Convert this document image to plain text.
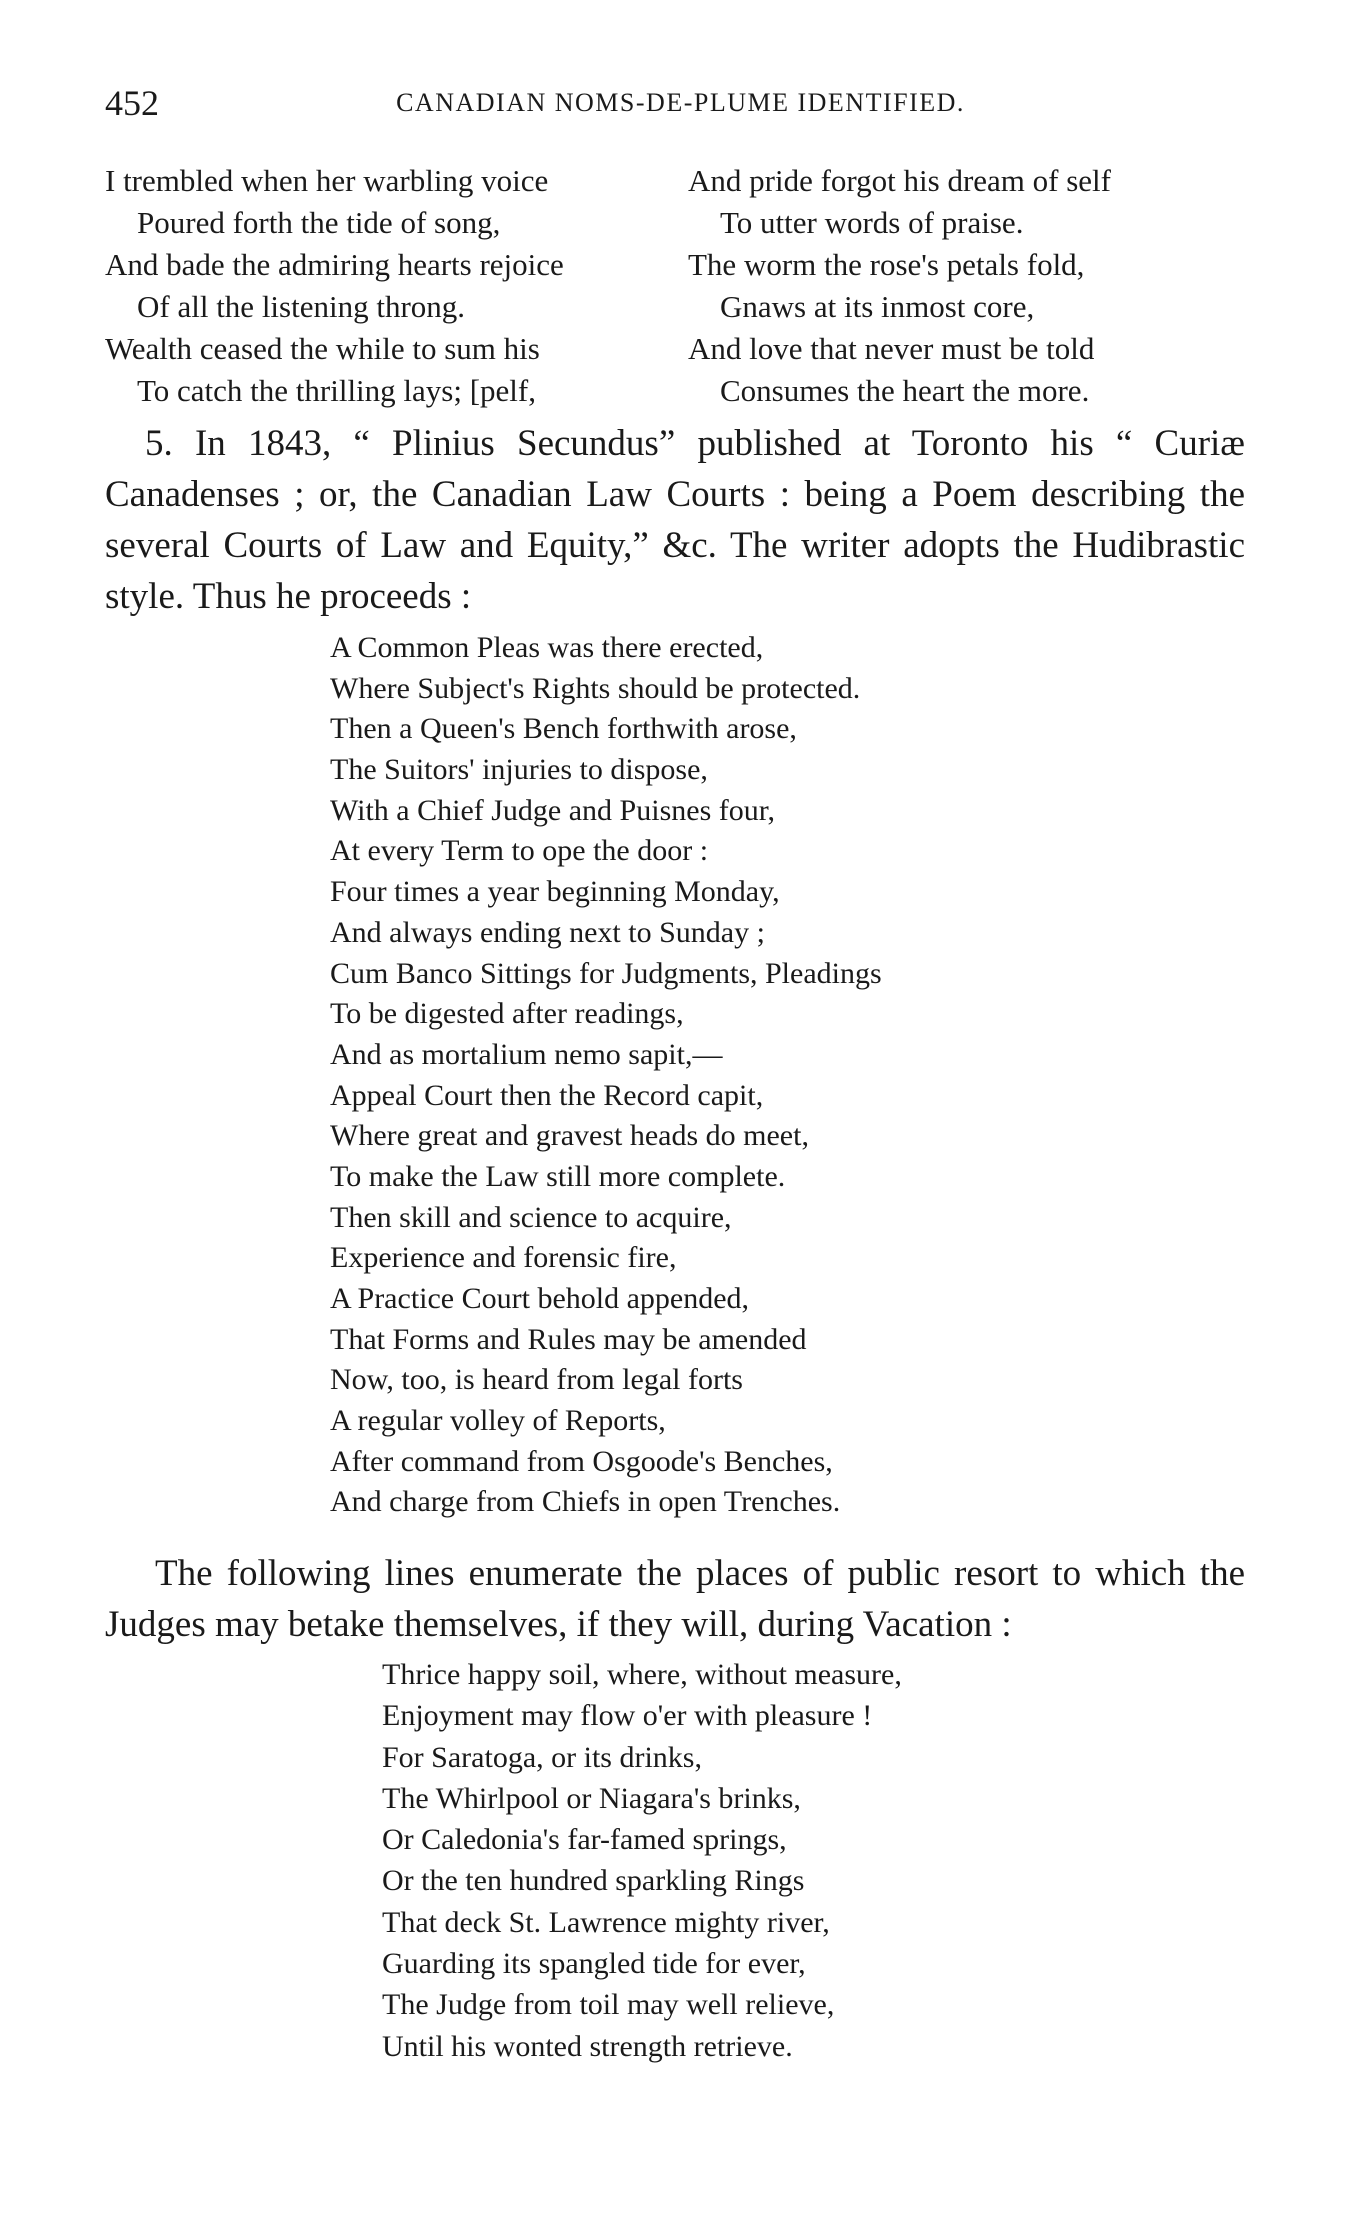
452	CANADIAN NOMS-DE-PLUME IDENTIFIED.
I trembled when her warbling voice
Poured forth the tide of song,
And bade the admiring hearts rejoice
Of all the listening throng.
Wealth ceased the while to sum his
To catch the thrilling lays; [pelf,
And pride forgot his dream of self
To utter words of praise.
The worm the rose's petals fold,
Gnaws at its inmost core,
And love that never must be told
Consumes the heart the more.

5. In 1843, “ Plinius Secundus” published at Toronto his “ Curiæ Canadenses ; or, the Canadian Law Courts : being a Poem describing the several Courts of Law and Equity,” &c. The writer adopts the Hudibrastic style. Thus he proceeds :

A Common Pleas was there erected,
Where Subject's Rights should be protected.
Then a Queen's Bench forthwith arose,
The Suitors' injuries to dispose,
With a Chief Judge and Puisnes four,
At every Term to ope the door :
Four times a year beginning Monday,
And always ending next to Sunday ;
Cum Banco Sittings for Judgments, Pleadings
To be digested after readings,
And as mortalium nemo sapit,—
Appeal Court then the Record capit,
Where great and gravest heads do meet,
To make the Law still more complete.
Then skill and science to acquire,
Experience and forensic fire,
A Practice Court behold appended,
That Forms and Rules may be amended
Now, too, is heard from legal forts
A regular volley of Reports,
After command from Osgoode's Benches,
And charge from Chiefs in open Trenches.

The following lines enumerate the places of public resort to which the Judges may betake themselves, if they will, during Vacation :

Thrice happy soil, where, without measure,
Enjoyment may flow o'er with pleasure !
For Saratoga, or its drinks,
The Whirlpool or Niagara's brinks,
Or Caledonia's far-famed springs,
Or the ten hundred sparkling Rings
That deck St. Lawrence mighty river,
Guarding its spangled tide for ever,
The Judge from toil may well relieve,
Until his wonted strength retrieve.
